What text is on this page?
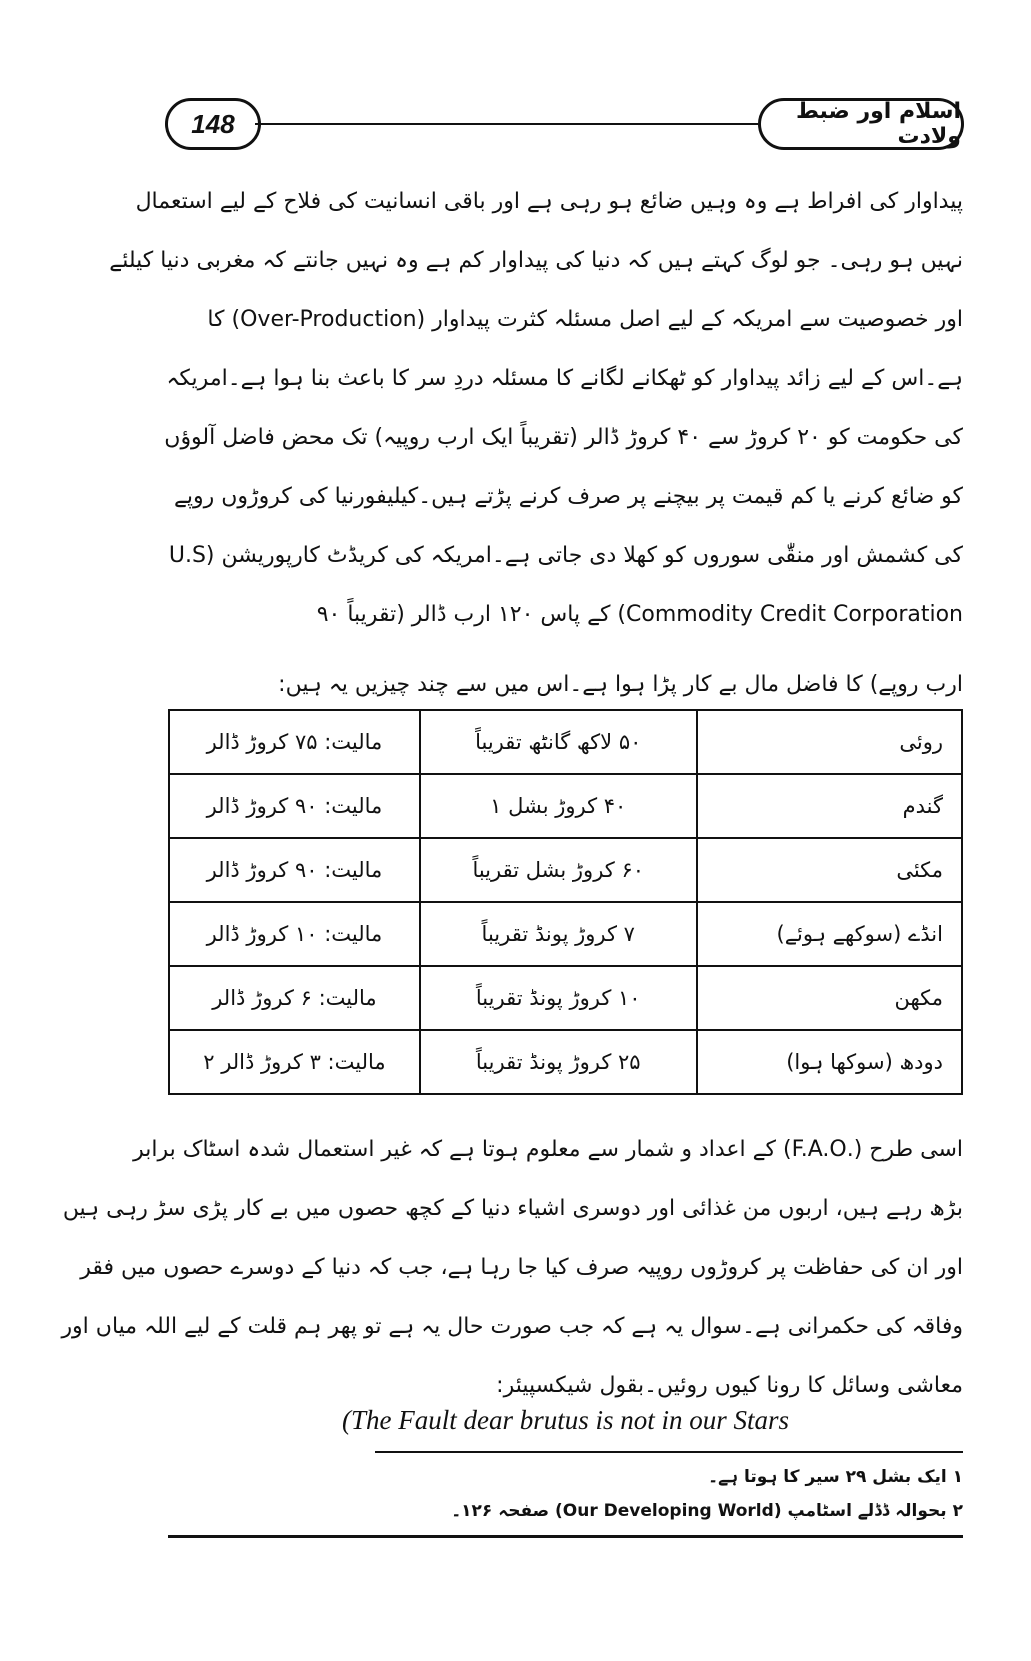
148	اسلام اور ضبط ولادت

پیداوار کی افراط ہے وہ وہیں ضائع ہو رہی ہے اور باقی انسانیت کی فلاح کے لیے استعمال

نہیں ہو رہی۔ جو لوگ کہتے ہیں کہ دنیا کی پیداوار کم ہے وہ نہیں جانتے کہ مغربی دنیا کیلئے

اور خصوصیت سے امریکہ کے لیے اصل مسئلہ کثرت پیداوار (Over-Production) کا

ہے۔اس کے لیے زائد پیداوار کو ٹھکانے لگانے کا مسئلہ دردِ سر کا باعث بنا ہوا ہے۔امریکہ

کی حکومت کو ۲۰ کروڑ سے ۴۰ کروڑ ڈالر (تقریباً ایک ارب روپیہ) تک محض فاضل آلوؤں

کو ضائع کرنے یا کم قیمت پر بیچنے پر صرف کرنے پڑتے ہیں۔کیلیفورنیا کی کروڑوں روپے

کی کشمش اور منقّٰی سوروں کو کھلا دی جاتی ہے۔امریکہ کی کریڈٹ کارپوریشن (U.S

Commodity Credit Corporation) کے پاس ۱۲۰ ارب ڈالر (تقریباً ۹۰

ارب روپے) کا فاضل مال بے کار پڑا ہوا ہے۔اس میں سے چند چیزیں یہ ہیں:
روئی	۵۰ لاکھ گانٹھ تقریباً	مالیت: ۷۵ کروڑ ڈالر
گندم	۴۰ کروڑ بشل ۱	مالیت: ۹۰ کروڑ ڈالر
مکئی	۶۰ کروڑ بشل تقریباً	مالیت: ۹۰ کروڑ ڈالر
انڈے (سوکھے ہوئے)	۷ کروڑ پونڈ تقریباً	مالیت: ۱۰ کروڑ ڈالر
مکھن	۱۰ کروڑ پونڈ تقریباً	مالیت: ۶ کروڑ ڈالر
دودھ (سوکھا ہوا)	۲۵ کروڑ پونڈ تقریباً	مالیت: ۳ کروڑ ڈالر ۲

اسی طرح (.F.A.O) کے اعداد و شمار سے معلوم ہوتا ہے کہ غیر استعمال شدہ اسٹاک برابر

بڑھ رہے ہیں، اربوں من غذائی اور دوسری اشیاء دنیا کے کچھ حصوں میں بے کار پڑی سڑ رہی ہیں

اور ان کی حفاظت پر کروڑوں روپیہ صرف کیا جا رہا ہے، جب کہ دنیا کے دوسرے حصوں میں فقر

وفاقہ کی حکمرانی ہے۔سوال یہ ہے کہ جب صورت حال یہ ہے تو پھر ہم قلت کے لیے اللہ میاں اور

معاشی وسائل کا رونا کیوں روئیں۔بقول شیکسپیئر:

(The Fault dear brutus is not in our Stars

۱ ایک بشل ۲۹ سیر کا ہوتا ہے۔

۲ بحوالہ ڈڈلے اسٹامپ (Our Developing World) صفحہ ۱۲۶۔
